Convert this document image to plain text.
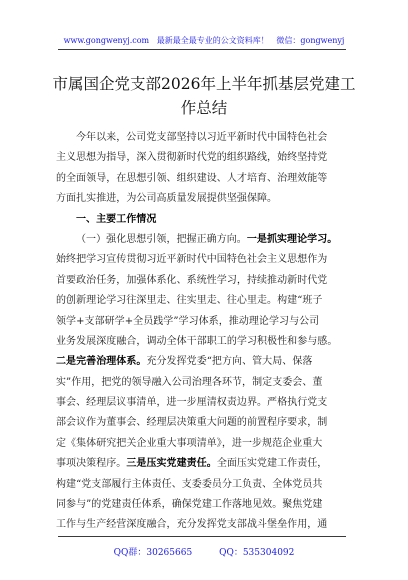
www.gongwenyj.com 最新最全最专业的公文资料库！ 微信：gongwenyj
市属国企党支部2026年上半年抓基层党建工
作总结
今年以来，公司党支部坚持以习近平新时代中国特色社会
主义思想为指导，深入贯彻新时代党的组织路线，始终坚持党
的全面领导，在思想引领、组织建设、人才培育、治理效能等
方面扎实推进，为公司高质量发展提供坚强保障。
一、主要工作情况
（一）强化思想引领，把握正确方向。一是抓实理论学习。
始终把学习宣传贯彻习近平新时代中国特色社会主义思想作为
首要政治任务，加强体系化、系统性学习，持续推动新时代党
的创新理论学习往深里走、往实里走、往心里走。构建“班子
领学+支部研学+全员践学”学习体系，推动理论学习与公司
业务发展深度融合，调动全体干部职工的学习积极性和参与感。
二是完善治理体系。充分发挥党委“把方向、管大局、保落
实”作用，把党的领导融入公司治理各环节，制定支委会、董
事会、经理层议事清单，进一步厘清权责边界。严格执行党支
部会议作为董事会、经理层决策重大问题的前置程序要求，制
定《集体研究把关企业重大事项清单》，进一步规范企业重大
事项决策程序。三是压实党建责任。全面压实党建工作责任，
构建“党支部履行主体责任、支委委员分工负责、全体党员共
同参与”的党建责任体系，确保党建工作落地见效。聚焦党建
工作与生产经营深度融合，充分发挥党支部战斗堡垒作用，通
QQ群：30265665	QQ：535304092
